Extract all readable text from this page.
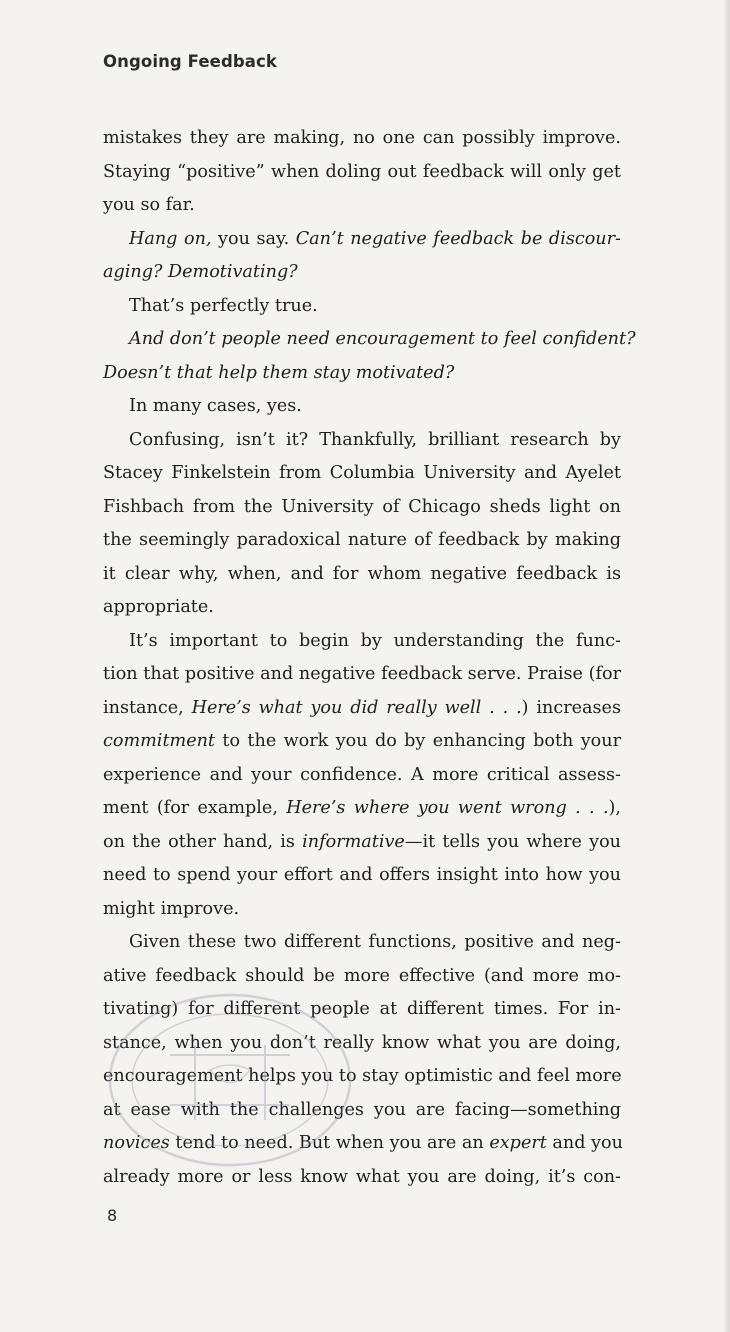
Ongoing Feedback
mistakes they are making, no one can possibly improve.
Staying “positive” when doling out feedback will only get
you so far.
Hang on, you say. Can’t negative feedback be discour-
aging? Demotivating?
That’s perfectly true.
And don’t people need encouragement to feel confident?
Doesn’t that help them stay motivated?
In many cases, yes.
Confusing, isn’t it? Thankfully, brilliant research by
Stacey Finkelstein from Columbia University and Ayelet
Fishbach from the University of Chicago sheds light on
the seemingly paradoxical nature of feedback by making
it clear why, when, and for whom negative feedback is
appropriate.
It’s important to begin by understanding the func-
tion that positive and negative feedback serve. Praise (for
instance, Here’s what you did really well . . .) increases
commitment to the work you do by enhancing both your
experience and your confidence. A more critical assess-
ment (for example, Here’s where you went wrong . . .),
on the other hand, is informative—it tells you where you
need to spend your effort and offers insight into how you
might improve.
Given these two different functions, positive and neg-
ative feedback should be more effective (and more mo-
tivating) for different people at different times. For in-
stance, when you don’t really know what you are doing,
encouragement helps you to stay optimistic and feel more
at ease with the challenges you are facing—something
novices tend to need. But when you are an expert and you
already more or less know what you are doing, it’s con-
8
